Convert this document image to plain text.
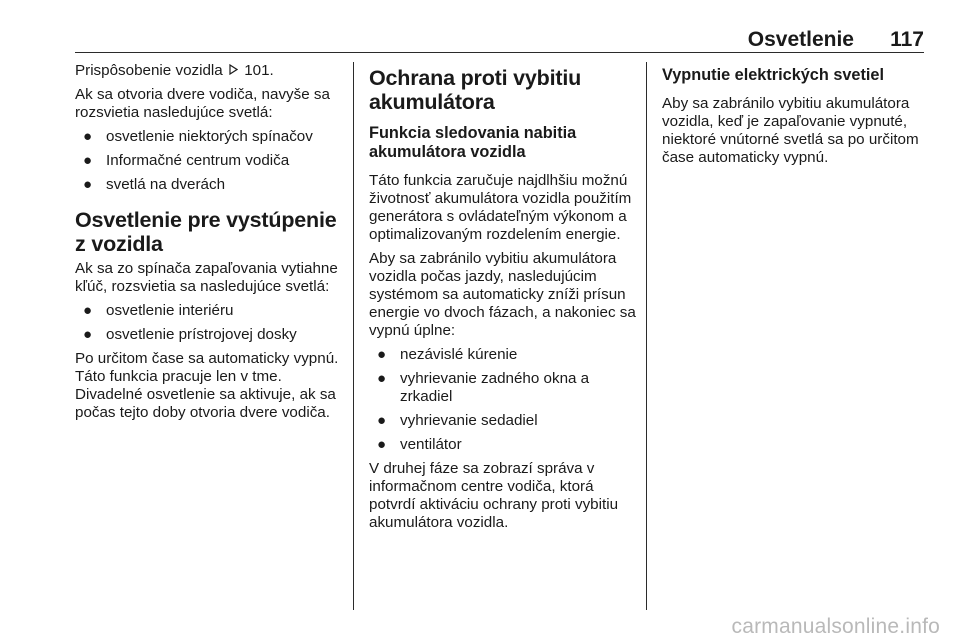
Osvetlenie 117

Prispôsobenie vozidla 101.

Ak sa otvoria dvere vodiča, navyše sa rozsvietia nasledujúce svetlá:

● osvetlenie niektorých spínačov
● Informačné centrum vodiča
● svetlá na dverách
Osvetlenie pre vystúpenie z vozidla

Ak sa zo spínača zapaľovania vytiahne kľúč, rozsvietia sa nasledujúce svetlá:

● osvetlenie interiéru
● osvetlenie prístrojovej dosky

Po určitom čase sa automaticky vypnú. Táto funkcia pracuje len v tme. Divadelné osvetlenie sa aktivuje, ak sa počas tejto doby otvoria dvere vodiča.

Ochrana proti vybitiu akumulátora
Funkcia sledovania nabitia akumulátora vozidla

Táto funkcia zaručuje najdlhšiu možnú životnosť akumulátora vozidla použitím generátora s ovládateľným výkonom a optimalizovaným rozdelením energie.

Aby sa zabránilo vybitiu akumulátora vozidla počas jazdy, nasledujúcim systémom sa automaticky zníži prísun energie vo dvoch fázach, a nakoniec sa vypnú úplne:

● nezávislé kúrenie
● vyhrievanie zadného okna a zrkadiel
● vyhrievanie sedadiel
● ventilátor

V druhej fáze sa zobrazí správa v informačnom centre vodiča, ktorá potvrdí aktiváciu ochrany proti vybitiu akumulátora vozidla.

Vypnutie elektrických svetiel

Aby sa zabránilo vybitiu akumulátora vozidla, keď je zapaľovanie vypnuté, niektoré vnútorné svetlá sa po určitom čase automaticky vypnú.

carmanualsonline.info
